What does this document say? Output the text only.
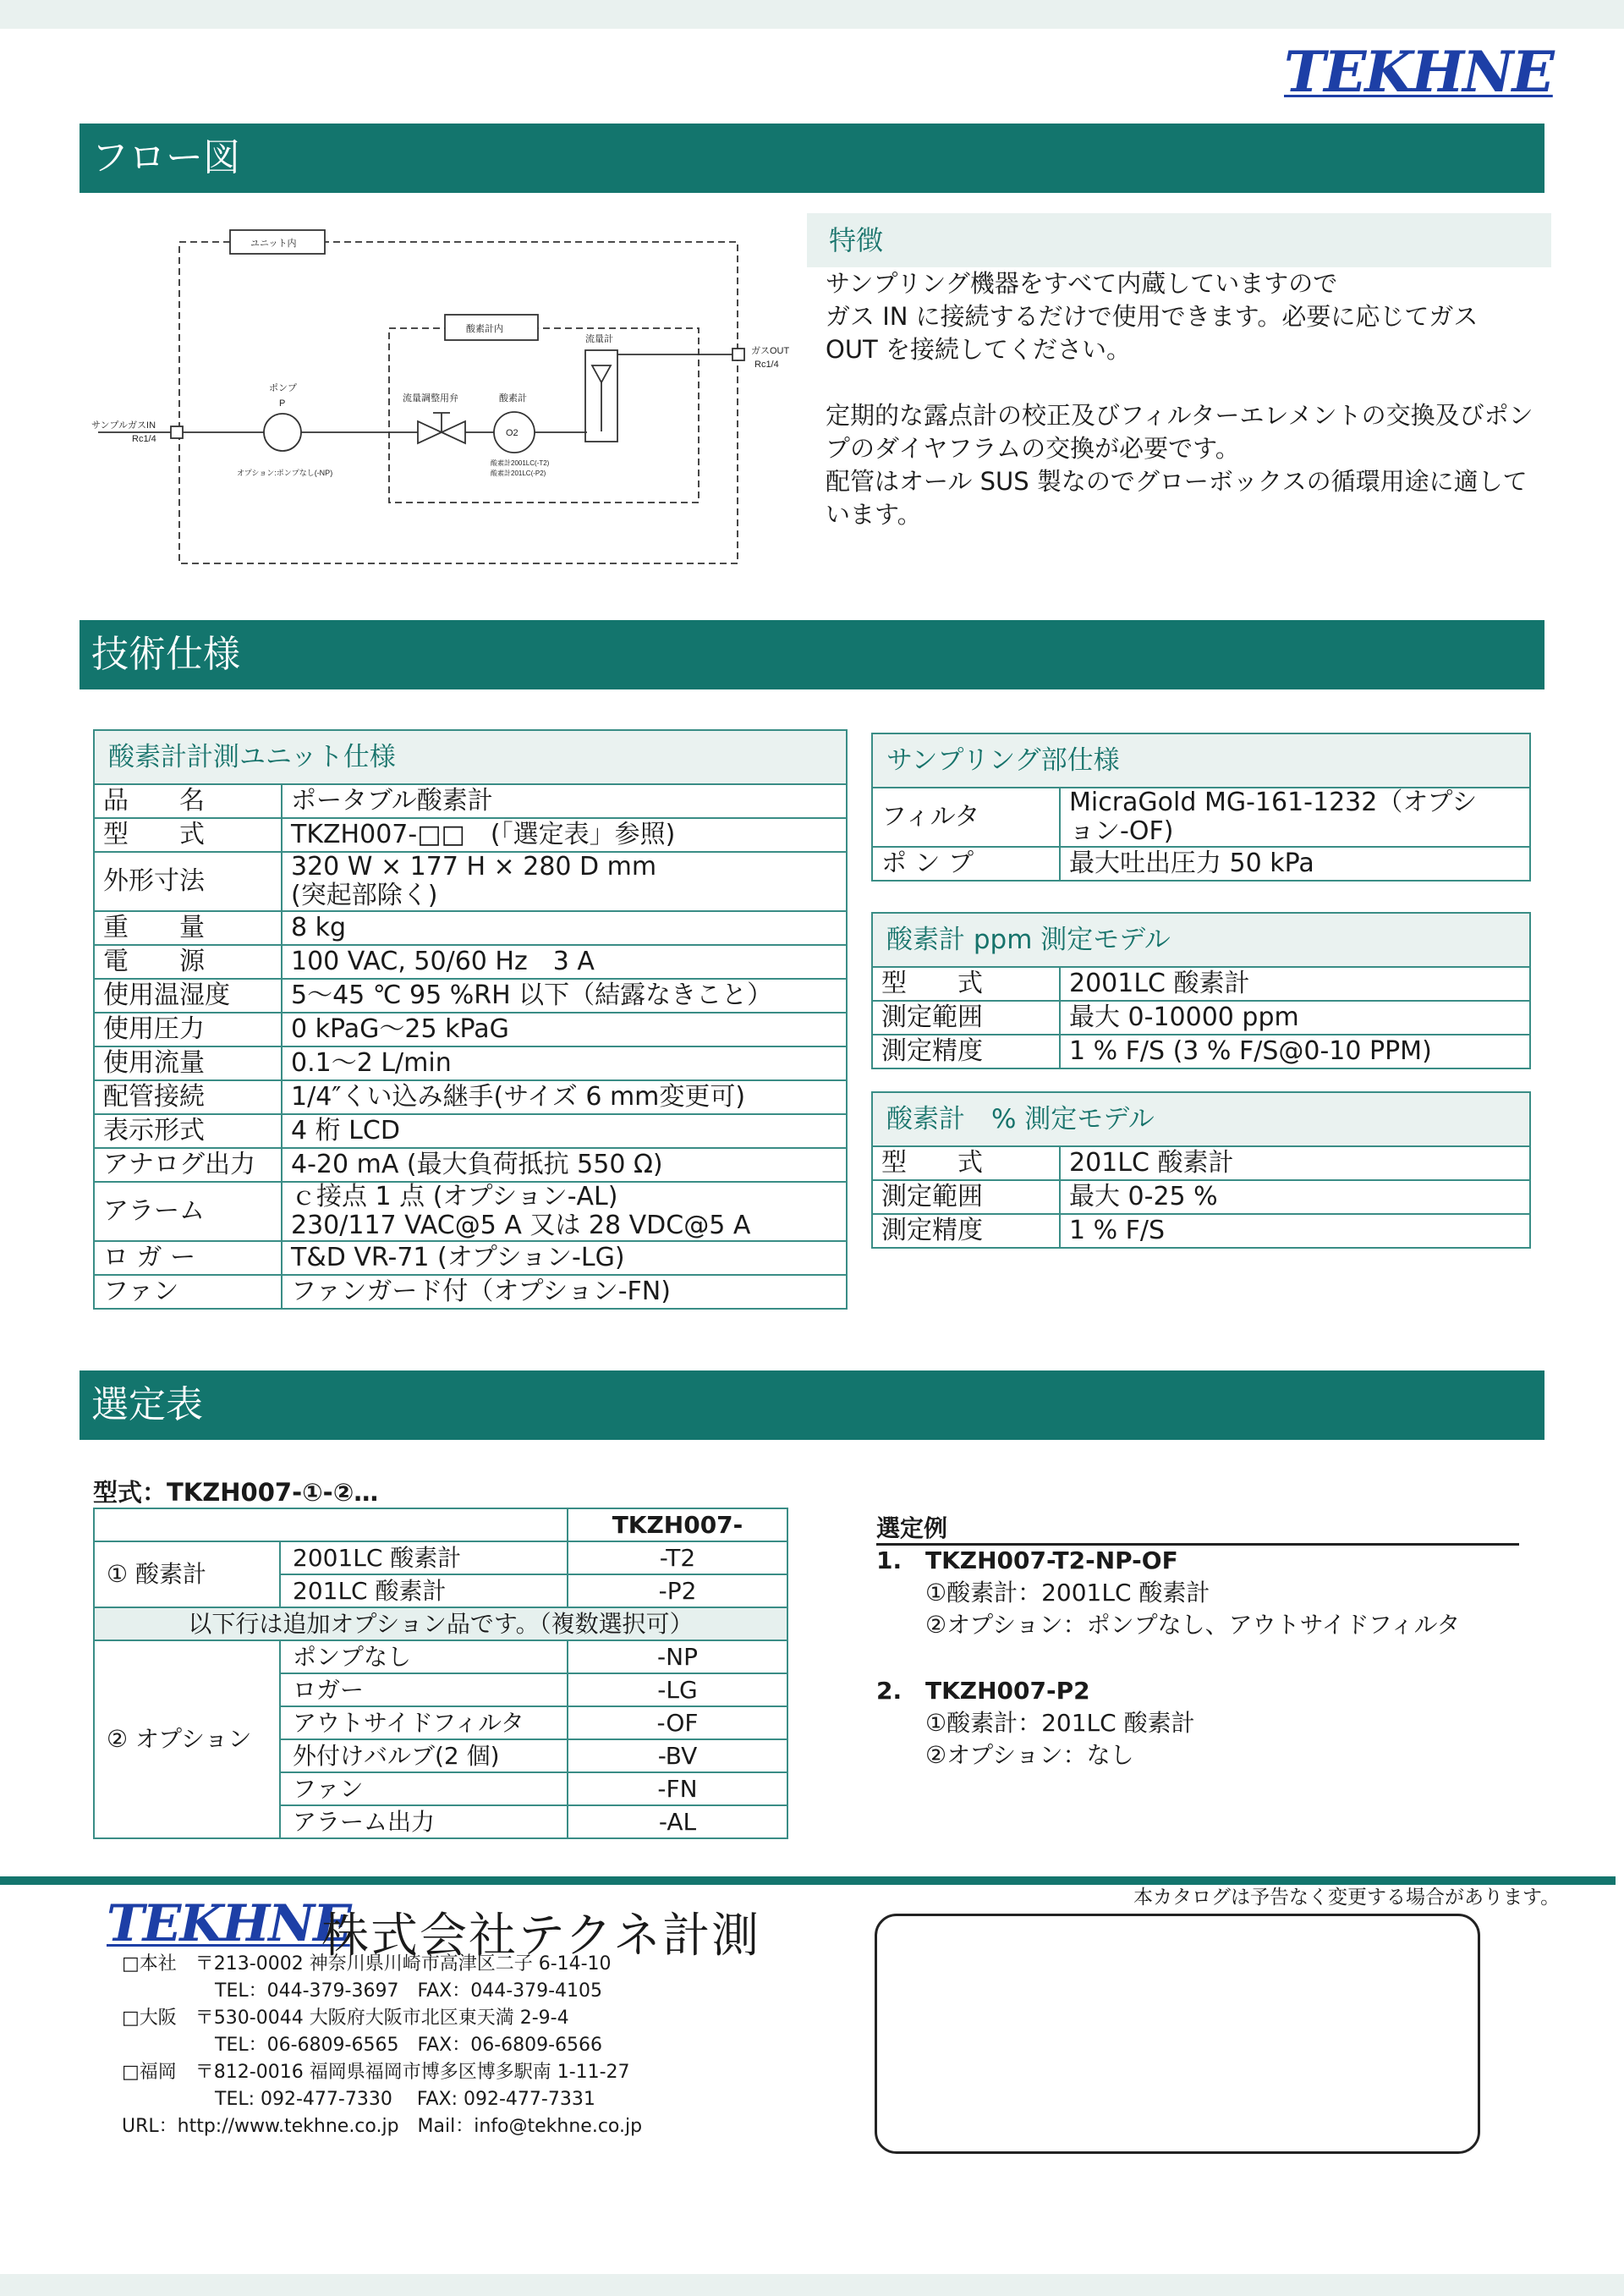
TEKHNE
フロー図
ユニット内
酸素計内
流量計
ガスOUT
Rc1/4
サンプルガスIN
Rc1/4
ポンプ
P
オプション:ポンプなし(-NP)
流量調整用弁	酸素計
O2
酸素計2001LC(-T2)
酸素計201LC(-P2)
特徴
サンプリング機器をすべて内蔵していますので
ガス IN に接続するだけで使用できます。必要に応じてガス OUT を接続してください。

定期的な露点計の校正及びフィルターエレメントの交換及びポンプのダイヤフラムの交換が必要です。
配管はオール SUS 製なのでグローボックスの循環用途に適しています。
技術仕様
酸素計計測ユニット仕様	
品　　名	ポータブル酸素計
型　　式	TKZH007-□□　(「選定表」参照)
外形寸法	320 W × 177 H × 280 D mm
(突起部除く)

重　　量	8 kg
電　　源	100 VAC, 50/60 Hz　3 A
使用温湿度	5～45 ℃ 95 %RH 以下（結露なきこと）
使用圧力	0 kPaG～25 kPaG
使用流量	0.1～2 L/min
配管接続	1/4″くい込み継手(サイズ 6 mm変更可)
表示形式	4 桁 LCD
アナログ出力	4-20 mA (最大負荷抵抗 550 Ω)
アラーム	ｃ接点 1 点 (オプション-AL)
230/117 VAC@5 A 又は 28 VDC@5 A

ロ ガ ー	T&D VR-71 (オプション-LG)
ファン	ファンガード付（オプション-FN)
サンプリング部仕様	
フィルタ	MicraGold MG-161-1232（オプシ
ョン-OF)

ポ ン プ	最大吐出圧力 50 kPa
酸素計 ppm 測定モデル	
型　　式	2001LC 酸素計
測定範囲	最大 0-10000 ppm
測定精度	1 % F/S (3 % F/S@0-10 PPM)
酸素計　% 測定モデル	
型　　式	201LC 酸素計
測定範囲	最大 0-25 %
測定精度	1 % F/S
選定表
型式：TKZH007-①-②…
		TKZH007-
① 酸素計	2001LC 酸素計	-T2
	201LC 酸素計	-P2
以下行は追加オプション品です。（複数選択可）		
② オプション	ポンプなし	-NP
	ロガー	-LG
	アウトサイドフィルタ	-OF
	外付けバルブ(2 個)	-BV
	ファン	-FN
	アラーム出力	-AL
選定例
1. TKZH007-T2-NP-OF
①酸素計：2001LC 酸素計
②オプション：ポンプなし、アウトサイドフィルタ
2. TKZH007-P2
①酸素計：201LC 酸素計
②オプション：なし
本カタログは予告なく変更する場合があります。
TEKHNE
株式会社テクネ計測
□本社　〒213-0002 神奈川県川崎市高津区二子 6-14-10
　　　　　TEL：044-379-3697　FAX：044-379-4105
□大阪　〒530-0044 大阪府大阪市北区東天満 2-9-4
　　　　　TEL：06-6809-6565　FAX：06-6809-6566
□福岡　〒812-0016 福岡県福岡市博多区博多駅南 1-11-27
　　　　　TEL: 092-477-7330　 FAX: 092-477-7331
URL：http://www.tekhne.co.jp　Mail：info@tekhne.co.jp
